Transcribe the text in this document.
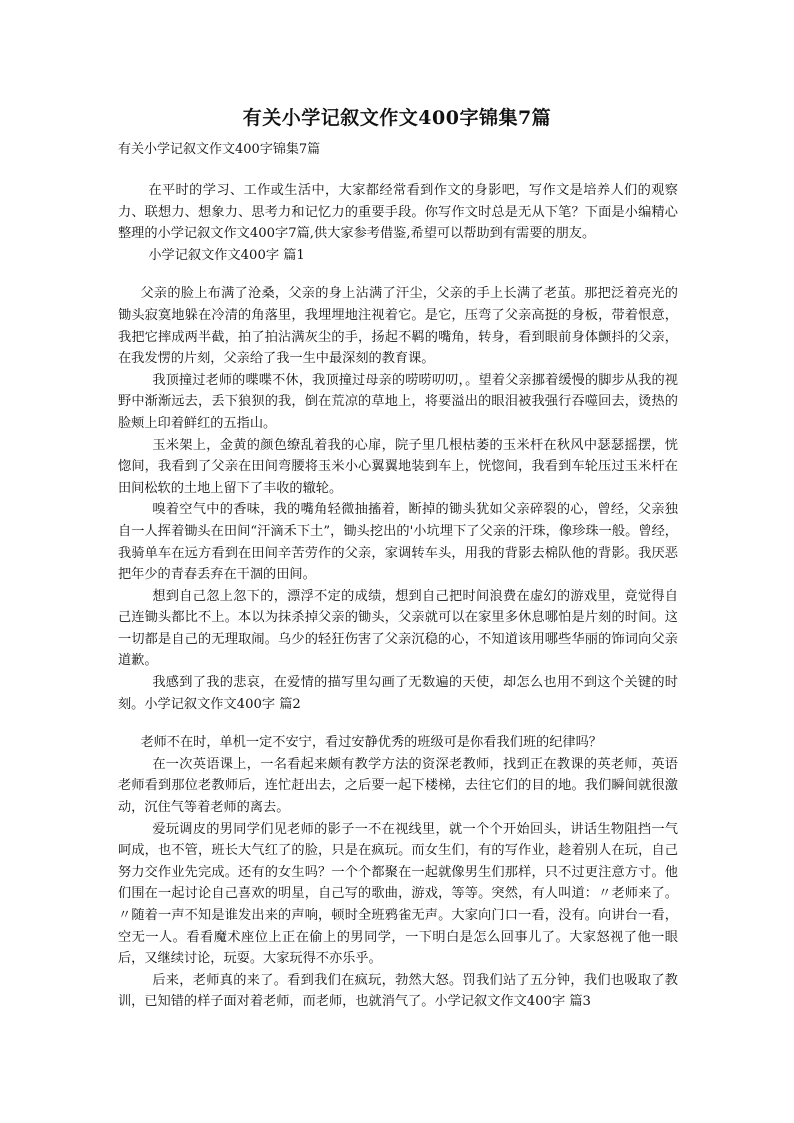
有关小学记叙文作文400字锦集7篇
有关小学记叙文作文400字锦集7篇

在平时的学习、工作或生活中，大家都经常看到作文的身影吧，写作文是培养人们的观察力、联想力、想象力、思考力和记忆力的重要手段。你写作文时总是无从下笔？下面是小编精心整理的小学记叙文作文400字7篇,供大家参考借鉴,希望可以帮助到有需要的朋友。

小学记叙文作文400字 篇1

父亲的脸上布满了沧桑，父亲的身上沾满了汗尘，父亲的手上长满了老茧。那把泛着亮光的锄头寂寞地躲在冷清的角落里，我埋埋地注视着它。是它，压弯了父亲高挺的身板，带着恨意，我把它摔成两半截，拍了拍沾满灰尘的手，扬起不羁的嘴角，转身，看到眼前身体颤抖的父亲，在我发愣的片刻，父亲给了我一生中最深刻的教育课。

我顶撞过老师的喋喋不休，我顶撞过母亲的唠唠叨叨，。望着父亲挪着缓慢的脚步从我的视野中渐渐远去，丢下狼狈的我，倒在荒凉的草地上，将要溢出的眼泪被我强行吞噬回去，烫热的脸颊上印着鲜红的五指山。

玉米架上，金黄的颜色缭乱着我的心扉，院子里几根枯萎的玉米杆在秋风中瑟瑟摇摆，恍惚间，我看到了父亲在田间弯腰将玉米小心翼翼地装到车上，恍惚间，我看到车轮压过玉米杆在田间松软的土地上留下了丰收的辙轮。

嗅着空气中的香味，我的嘴角轻微抽搐着，断掉的锄头犹如父亲碎裂的心，曾经，父亲独自一人挥着锄头在田间“汗滴禾下土”，锄头挖出的'小坑埋下了父亲的汗珠，像珍珠一般。曾经，我骑单车在远方看到在田间辛苦劳作的父亲，家调转车头，用我的背影去棉队他的背影。我厌恶把年少的青春丢弃在干涸的田间。

想到自己忽上忽下的，漂浮不定的成绩，想到自己把时间浪费在虚幻的游戏里，竟觉得自己连锄头都比不上。本以为抹杀掉父亲的锄头，父亲就可以在家里多休息哪怕是片刻的时间。这一切都是自己的无理取闹。乌少的轻狂伤害了父亲沉稳的心，不知道该用哪些华丽的饰词向父亲道歉。

我感到了我的悲哀，在爱情的描写里勾画了无数遍的天使，却怎么也用不到这个关键的时刻。小学记叙文作文400字 篇2

老师不在时，单机一定不安宁，看过安静优秀的班级可是你看我们班的纪律吗？

在一次英语课上，一名看起来颇有教学方法的资深老教师，找到正在教课的英老师，英语老师看到那位老教师后，连忙赶出去，之后要一起下楼梯，去往它们的目的地。我们瞬间就很激动，沉住气等着老师的离去。

爱玩调皮的男同学们见老师的影子一不在视线里，就一个个开始回头，讲话生物阻挡一气呵成，也不管，班长大气红了的脸，只是在疯玩。而女生们，有的写作业，趁着别人在玩，自己努力交作业先完成。还有的女生吗？一个个都聚在一起就像男生们那样，只不过更注意方寸。他们围在一起讨论自己喜欢的明星，自己写的歌曲，游戏，等等。突然，有人叫道：〃老师来了。〃随着一声不知是谁发出来的声响，顿时全班鸦雀无声。大家向门口一看，没有。向讲台一看，空无一人。看看魔术座位上正在偷上的男同学，一下明白是怎么回事儿了。大家怒视了他一眼后，又继续讨论，玩耍。大家玩得不亦乐乎。

后来，老师真的来了。看到我们在疯玩，勃然大怒。罚我们站了五分钟，我们也吸取了教训，已知错的样子面对着老师，而老师，也就消气了。小学记叙文作文400字 篇3
